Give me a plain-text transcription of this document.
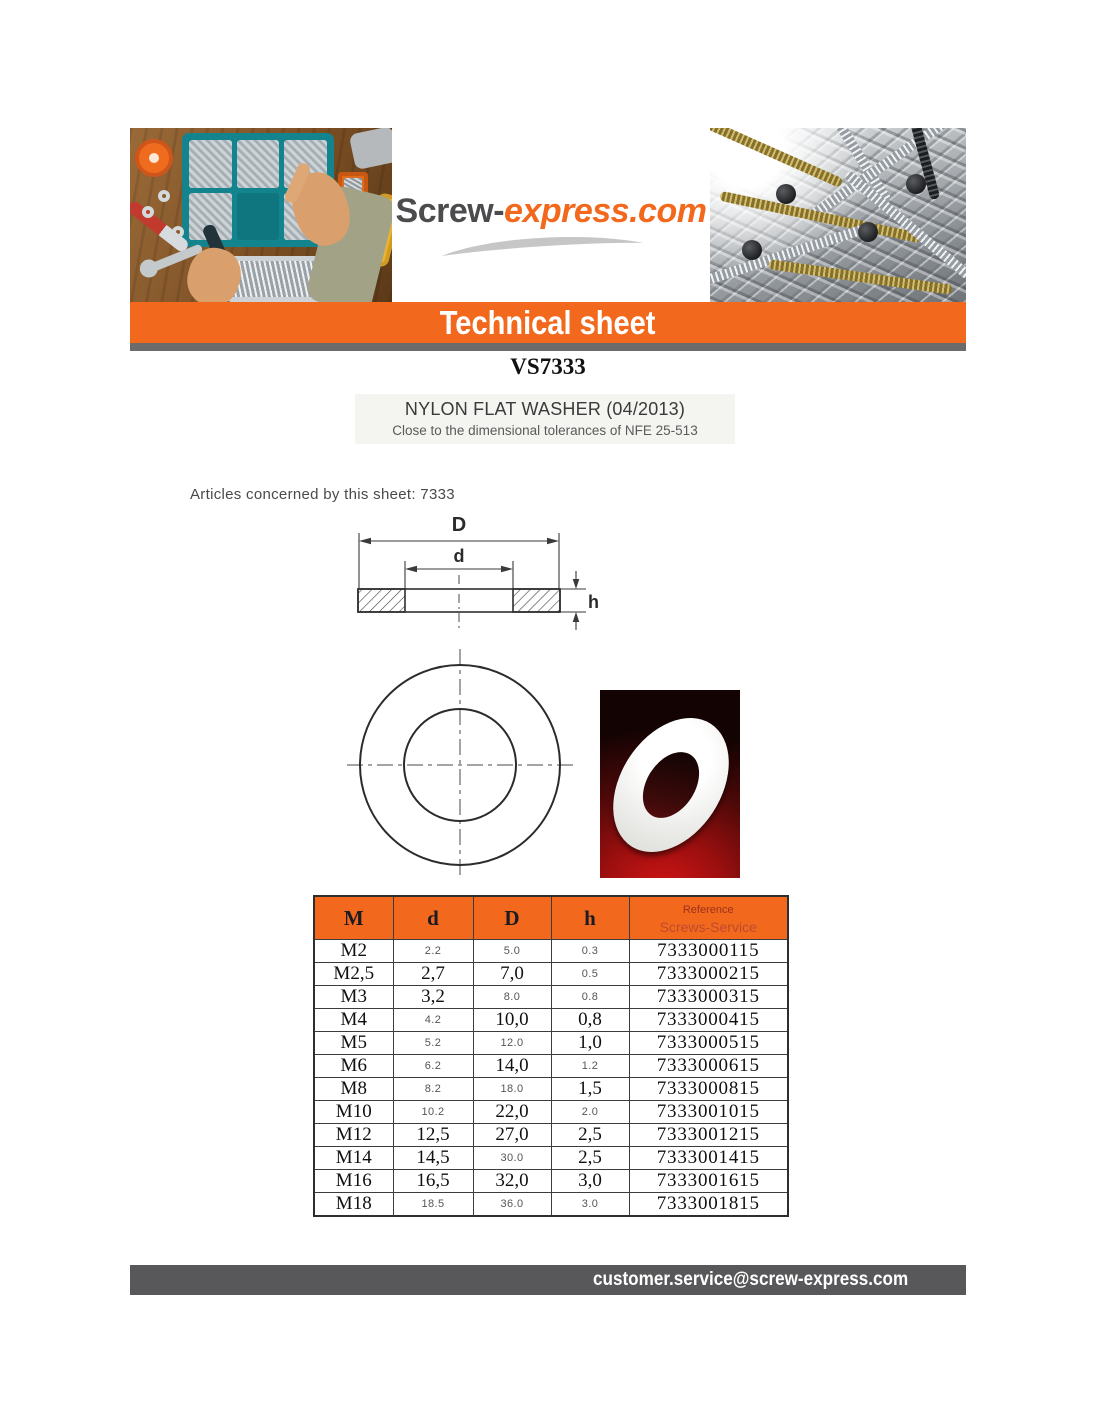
Screw-express.com
Technical sheet
VS7333
NYLON FLAT WASHER (04/2013)
Close to the dimensional tolerances of NFE 25-513
Articles concerned by this sheet: 7333
D
d
h
M	d	D	h	Reference
Screws-Service

M2	2.2	5.0	0.3	7333000115
M2,5	2,7	7,0	0.5	7333000215
M3	3,2	8.0	0.8	7333000315
M4	4.2	10,0	0,8	7333000415
M5	5.2	12.0	1,0	7333000515
M6	6.2	14,0	1.2	7333000615
M8	8.2	18.0	1,5	7333000815
M10	10.2	22,0	2.0	7333001015
M12	12,5	27,0	2,5	7333001215
M14	14,5	30.0	2,5	7333001415
M16	16,5	32,0	3,0	7333001615
M18	18.5	36.0	3.0	7333001815
customer.service@screw-express.com
